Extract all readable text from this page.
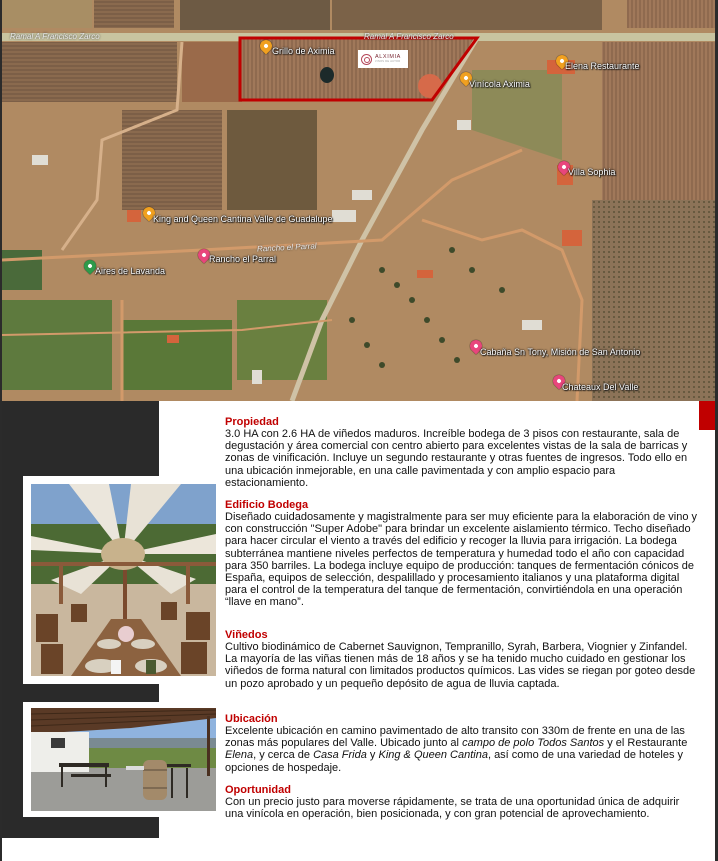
Ramal A Francisco Zarco	Ramal A Francisco Zarco
Rancho el Parral
ALXIMIA
VINOS DE AUTOR
Grillo de Aximia
Vinícola Aximia
Elena Restaurante
Villa Sophia
King and Queen Cantina Valle de Guadalupe
Rancho el Parral
Aires de Lavanda
Cabaña Sn Tony, Misión de San Antonio
Chateaux Del Valle
Propiedad

3.0 HA con 2.6 HA de viñedos maduros. Increíble bodega de 3 pisos con restaurante, sala de degustación y área comercial con centro abierto para excelentes vistas de la sala de barricas y zonas de vinificación. Incluye un segundo restaurante y otras fuentes de ingresos. Todo ello en una ubicación inmejorable, en una calle pavimentada y con amplio espacio para estacionamiento.

Edificio Bodega

Diseñado cuidadosamente y magistralmente para ser muy eficiente para la elaboración de vino y con construcción "Super Adobe" para brindar un excelente aislamiento térmico. Techo diseñado para hacer circular el viento a través del edificio y recoger la lluvia para irrigación. La bodega subterránea mantiene niveles perfectos de temperatura y humedad todo el año con capacidad para 350 barriles. La bodega incluye equipo de producción: tanques de fermentación cónicos de España, equipos de selección, despalillado y procesamiento italianos y una plataforma digital para el control de la temperatura del tanque de fermentación, convirtiéndola en una operación “llave en mano”.

Viñedos

Cultivo biodinámico de Cabernet Sauvignon, Tempranillo, Syrah, Barbera, Viognier y Zinfandel. La mayoría de las viñas tienen más de 18 años y se ha tenido mucho cuidado en gestionar los viñedos de forma natural con limitados productos químicos. Las vides se riegan por goteo desde un pozo aprobado y un pequeño depósito de agua de lluvia captada.

Ubicación

Excelente ubicación en camino pavimentado de alto transito con 330m de frente en una de las zonas más populares del Valle. Ubicado junto al campo de polo Todos Santos y el Restaurante Elena, y cerca de Casa Frida y King & Queen Cantina, así como de una variedad de hoteles y opciones de hospedaje.

Oportunidad

Con un precio justo para moverse rápidamente, se trata de una oportunidad única de adquirir una vinícola en operación, bien posicionada, y con gran potencial de aprovechamiento.
